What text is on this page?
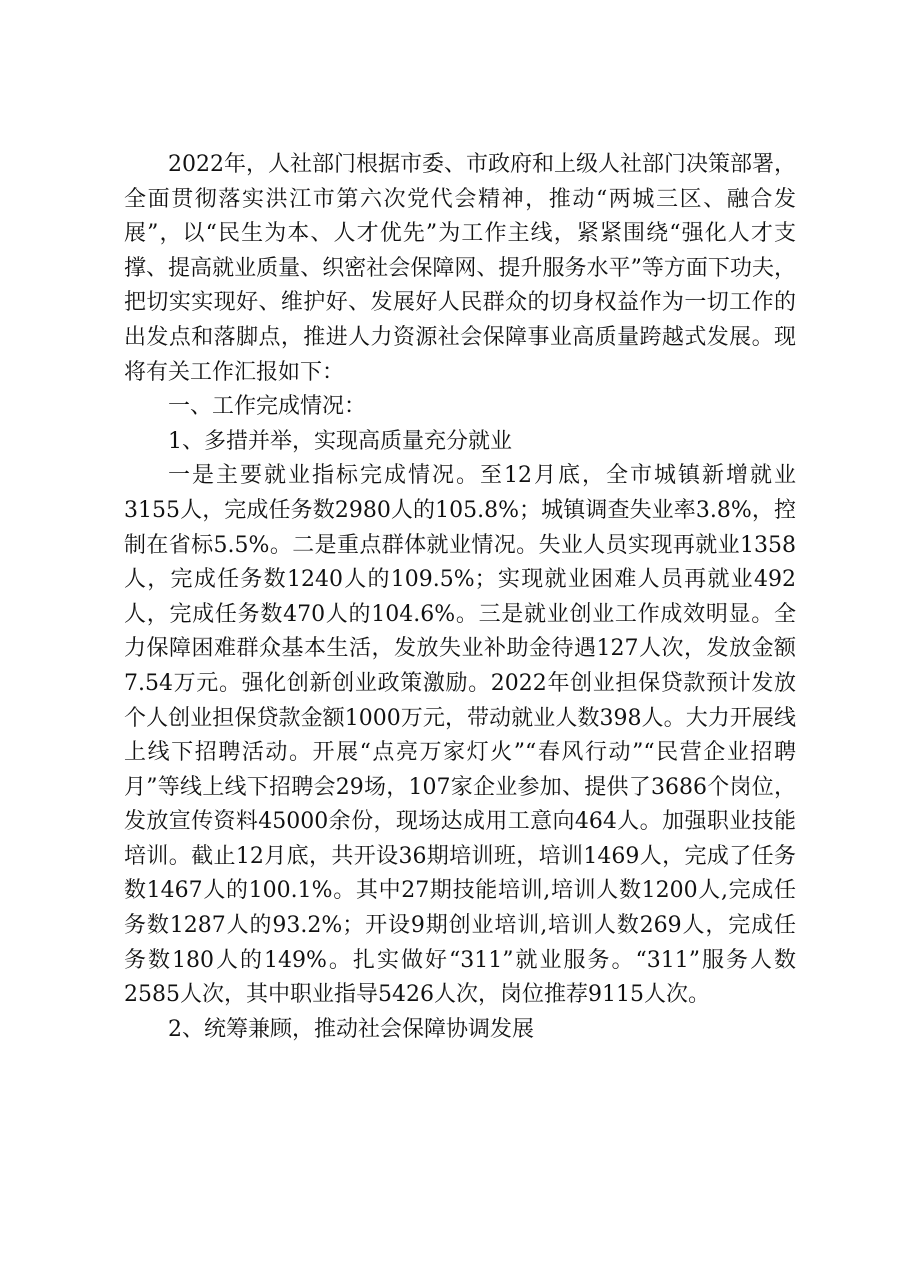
2022年，人社部门根据市委、市政府和上级人社部门决策部署，全面贯彻落实洪江市第六次党代会精神，推动“两城三区、融合发展”，以“民生为本、人才优先”为工作主线，紧紧围绕“强化人才支撑、提高就业质量、织密社会保障网、提升服务水平”等方面下功夫，把切实实现好、维护好、发展好人民群众的切身权益作为一切工作的出发点和落脚点，推进人力资源社会保障事业高质量跨越式发展。现将有关工作汇报如下：

一、工作完成情况：

1、多措并举，实现高质量充分就业

一是主要就业指标完成情况。至12月底，全市城镇新增就业3155人，完成任务数2980人的105.8%；城镇调查失业率3.8%，控制在省标5.5%。二是重点群体就业情况。失业人员实现再就业1358人，完成任务数1240人的109.5%；实现就业困难人员再就业492人，完成任务数470人的104.6%。三是就业创业工作成效明显。全力保障困难群众基本生活，发放失业补助金待遇127人次，发放金额7.54万元。强化创新创业政策激励。2022年创业担保贷款预计发放个人创业担保贷款金额1000万元，带动就业人数398人。大力开展线上线下招聘活动。开展“点亮万家灯火”“春风行动”“民营企业招聘月”等线上线下招聘会29场，107家企业参加、提供了3686个岗位，发放宣传资料45000余份，现场达成用工意向464人。加强职业技能培训。截止12月底，共开设36期培训班，培训1469人，完成了任务数1467人的100.1%。其中27期技能培训,培训人数1200人,完成任务数1287人的93.2%；开设9期创业培训,培训人数269人，完成任务数180人的149%。扎实做好“311”就业服务。“311”服务人数2585人次，其中职业指导5426人次，岗位推荐9115人次。

2、统筹兼顾，推动社会保障协调发展
